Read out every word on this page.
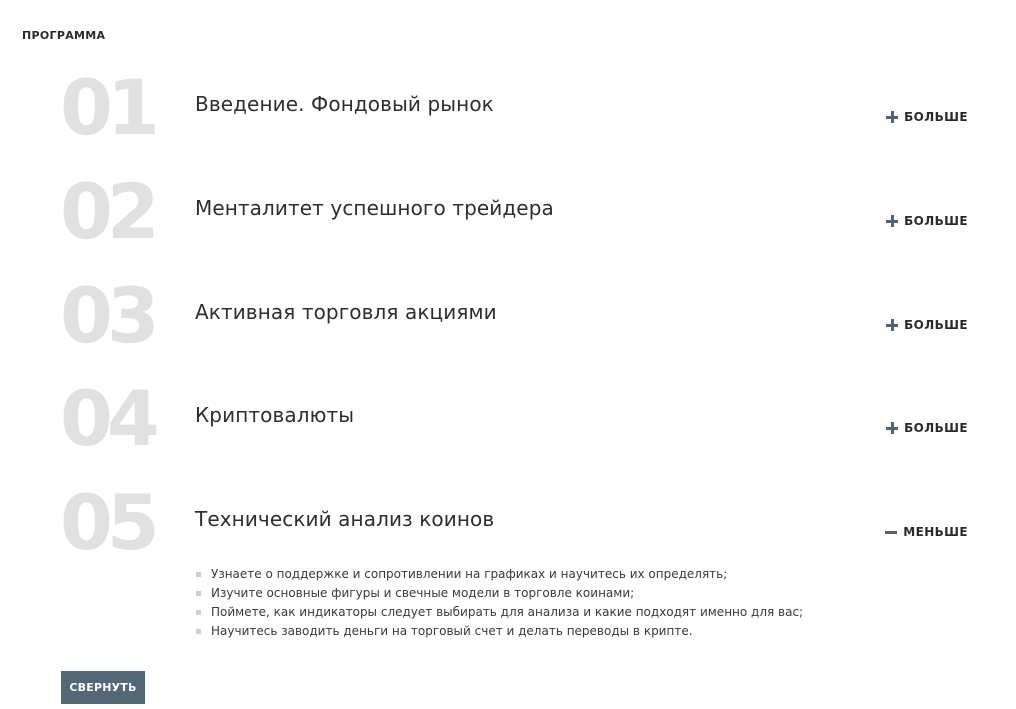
ПРОГРАММА
01 Введение. Фондовый рынок
БОЛЬШЕ
02 Менталитет успешного трейдера
БОЛЬШЕ
03 Активная торговля акциями
БОЛЬШЕ
04 Криптовалюты
БОЛЬШЕ
05 Технический анализ коинов
МЕНЬШЕ
Узнаете о поддержке и сопротивлении на графиках и научитесь их определять;
Изучите основные фигуры и свечные модели в торговле коинами;
Поймете, как индикаторы следует выбирать для анализа и какие подходят именно для вас;
Научитесь заводить деньги на торговый счет и делать переводы в крипте.
СВЕРНУТЬ
